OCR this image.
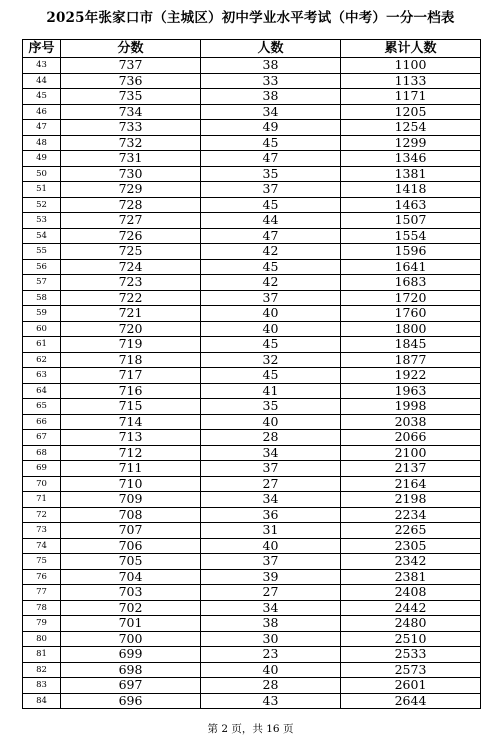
2025年张家口市（主城区）初中学业水平考试（中考）一分一档表
序号	分数	人数	累计人数
43	737	38	1100
44	736	33	1133
45	735	38	1171
46	734	34	1205
47	733	49	1254
48	732	45	1299
49	731	47	1346
50	730	35	1381
51	729	37	1418
52	728	45	1463
53	727	44	1507
54	726	47	1554
55	725	42	1596
56	724	45	1641
57	723	42	1683
58	722	37	1720
59	721	40	1760
60	720	40	1800
61	719	45	1845
62	718	32	1877
63	717	45	1922
64	716	41	1963
65	715	35	1998
66	714	40	2038
67	713	28	2066
68	712	34	2100
69	711	37	2137
70	710	27	2164
71	709	34	2198
72	708	36	2234
73	707	31	2265
74	706	40	2305
75	705	37	2342
76	704	39	2381
77	703	27	2408
78	702	34	2442
79	701	38	2480
80	700	30	2510
81	699	23	2533
82	698	40	2573
83	697	28	2601
84	696	43	2644
第 2 页，共 16 页
